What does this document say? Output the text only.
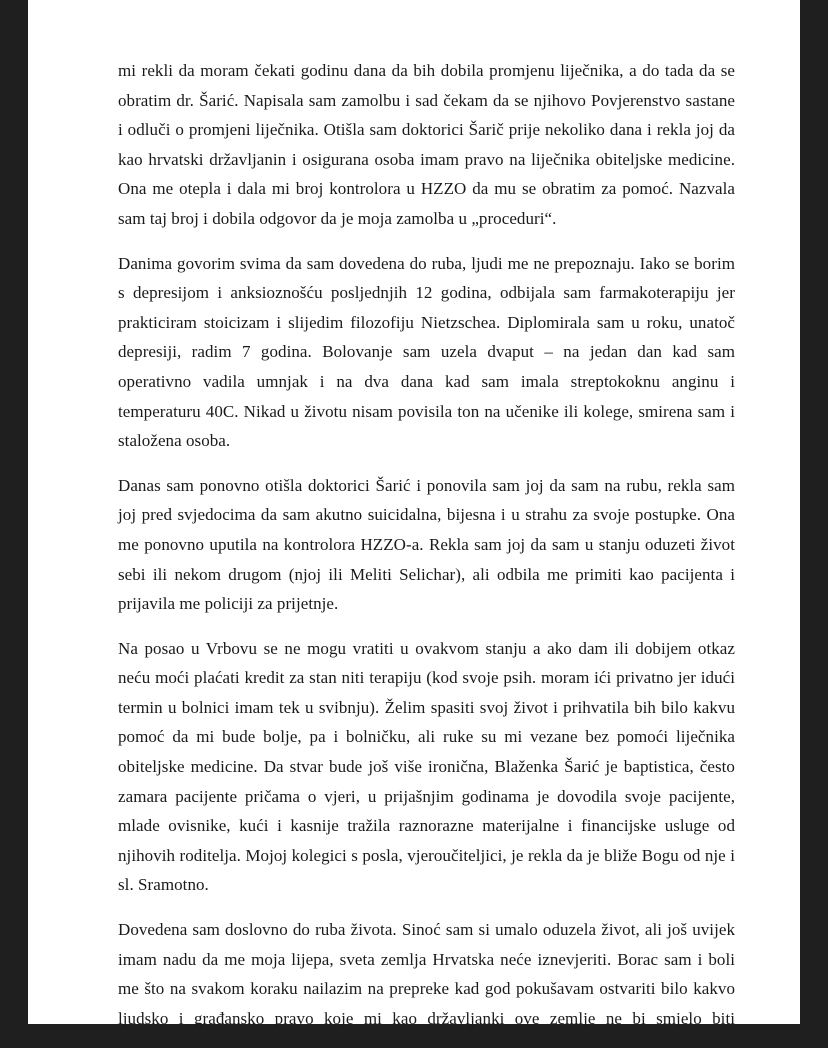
mi rekli da moram čekati godinu dana da bih dobila promjenu liječnika, a do tada da se
obratim dr. Šarić. Napisala sam zamolbu i sad čekam da se njihovo Povjerenstvo sastane
i odluči o promjeni liječnika. Otišla sam doktorici Šarič prije nekoliko dana i rekla joj da
kao hrvatski državljanin i osigurana osoba imam pravo na liječnika obiteljske medicine.
Ona me otepla i dala mi broj kontrolora u HZZO da mu se obratim za pomoć. Nazvala
sam taj broj i dobila odgovor da je moja zamolba u „proceduri“.

Danima govorim svima da sam dovedena do ruba, ljudi me ne prepoznaju. Iako se borim
s depresijom i anksioznošću posljednjih 12 godina, odbijala sam farmakoterapiju jer
prakticiram stoicizam i slijedim filozofiju Nietzschea. Diplomirala sam u roku, unatoč
depresiji, radim 7 godina. Bolovanje sam uzela dvaput – na jedan dan kad sam
operativno vadila umnjak i na dva dana kad sam imala streptokoknu anginu i
temperaturu 40C. Nikad u životu nisam povisila ton na učenike ili kolege, smirena sam i
staložena osoba.

Danas sam ponovno otišla doktorici Šarić i ponovila sam joj da sam na rubu, rekla sam
joj pred svjedocima da sam akutno suicidalna, bijesna i u strahu za svoje postupke. Ona
me ponovno uputila na kontrolora HZZO-a. Rekla sam joj da sam u stanju oduzeti život
sebi ili nekom drugom (njoj ili Meliti Selichar), ali odbila me primiti kao pacijenta i
prijavila me policiji za prijetnje.

Na posao u Vrbovu se ne mogu vratiti u ovakvom stanju a ako dam ili dobijem otkaz
neću moći plaćati kredit za stan niti terapiju (kod svoje psih. moram ići privatno jer idući
termin u bolnici imam tek u svibnju). Želim spasiti svoj život i prihvatila bih bilo kakvu
pomoć da mi bude bolje, pa i bolničku, ali ruke su mi vezane bez pomoći liječnika
obiteljske medicine. Da stvar bude još više ironična, Blaženka Šarić je baptistica, često
zamara pacijente pričama o vjeri, u prijašnjim godinama je dovodila svoje pacijente,
mlade ovisnike, kući i kasnije tražila raznorazne materijalne i financijske usluge od
njihovih roditelja. Mojoj kolegici s posla, vjeroučiteljici, je rekla da je bliže Bogu od nje i
sl. Sramotno.

Dovedena sam doslovno do ruba života. Sinoć sam si umalo oduzela život, ali još uvijek
imam nadu da me moja lijepa, sveta zemlja Hrvatska neće iznevjeriti. Borac sam i boli
me što na svakom koraku nailazim na prepreke kad god pokušavam ostvariti bilo kakvo
ljudsko i građansko pravo koje mi kao državljanki ove zemlje ne bi smjelo biti
